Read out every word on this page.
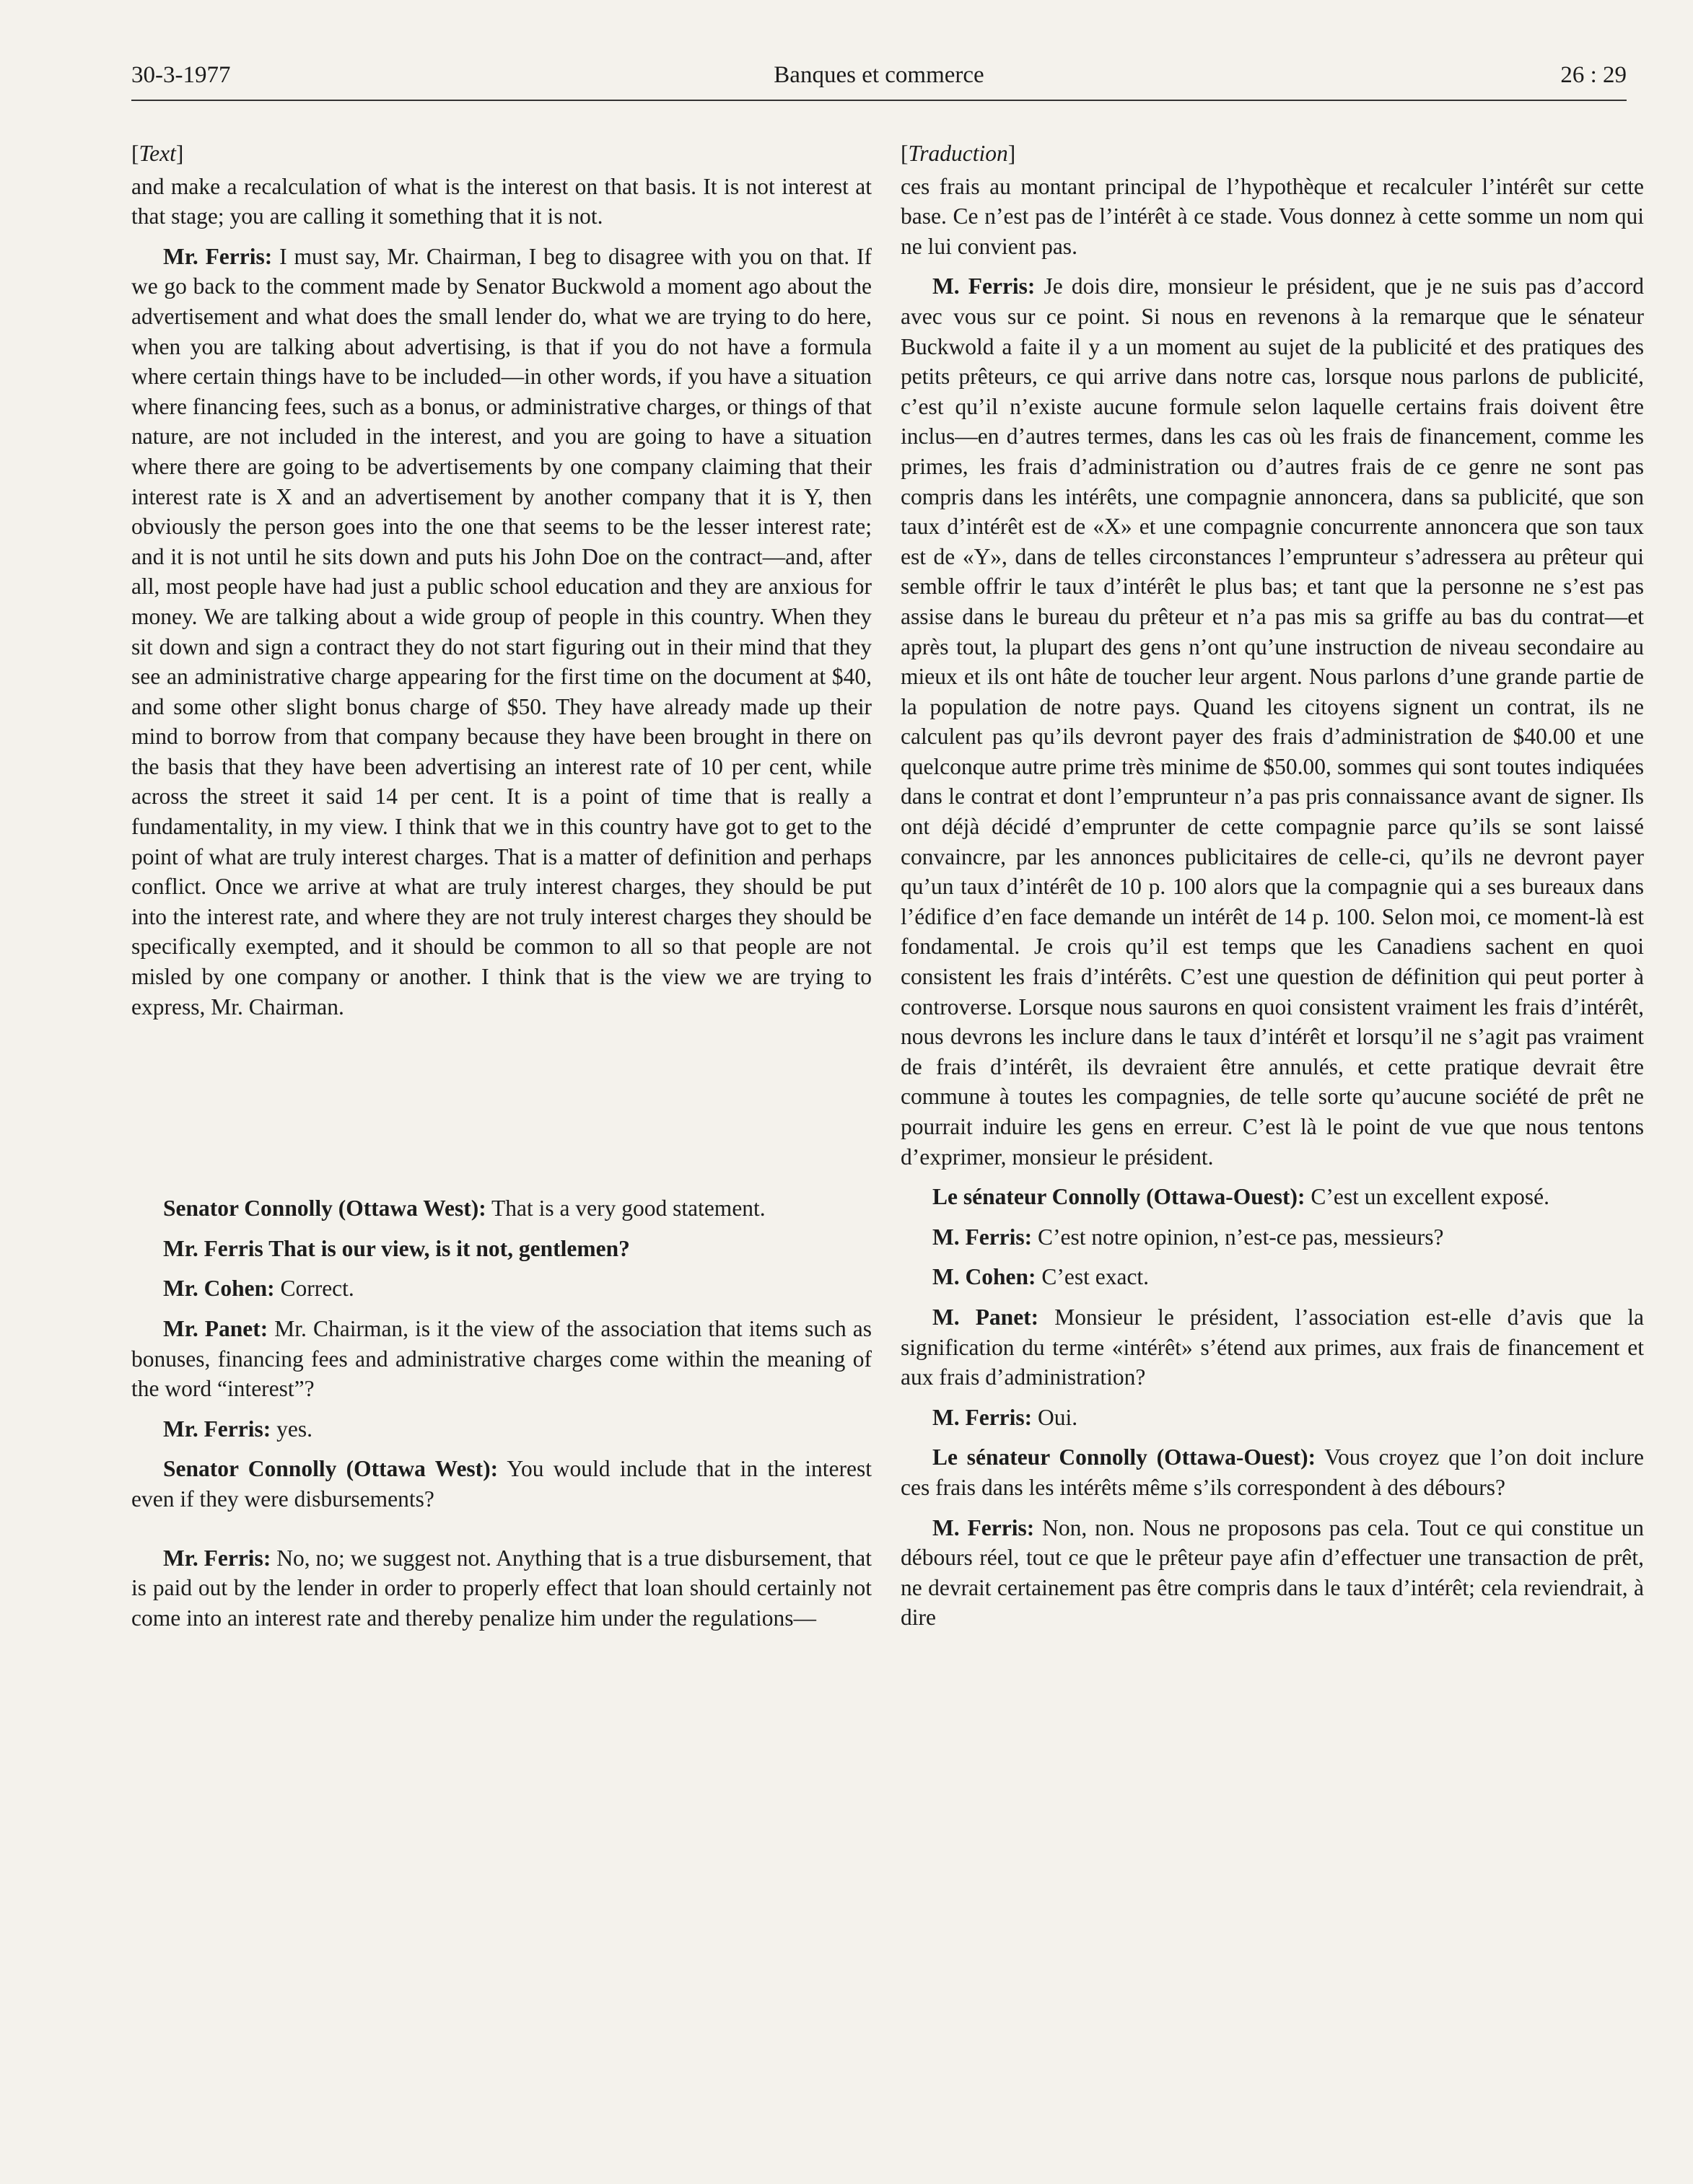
30-3-1977	Banques et commerce	26 : 29

[Text]

and make a recalculation of what is the interest on that basis. It is not interest at that stage; you are calling it something that it is not.

Mr. Ferris: I must say, Mr. Chairman, I beg to disagree with you on that. If we go back to the comment made by Senator Buckwold a moment ago about the advertisement and what does the small lender do, what we are trying to do here, when you are talking about advertising, is that if you do not have a formula where certain things have to be included—in other words, if you have a situation where financing fees, such as a bonus, or administrative charges, or things of that nature, are not included in the interest, and you are going to have a situation where there are going to be advertisements by one company claiming that their interest rate is X and an advertisement by another company that it is Y, then obviously the person goes into the one that seems to be the lesser interest rate; and it is not until he sits down and puts his John Doe on the contract—and, after all, most people have had just a public school education and they are anxious for money. We are talking about a wide group of people in this country. When they sit down and sign a contract they do not start figuring out in their mind that they see an administrative charge appearing for the first time on the document at $40, and some other slight bonus charge of $50. They have already made up their mind to borrow from that company because they have been brought in there on the basis that they have been advertising an interest rate of 10 per cent, while across the street it said 14 per cent. It is a point of time that is really a fundamentality, in my view. I think that we in this country have got to get to the point of what are truly interest charges. That is a matter of definition and perhaps conflict. Once we arrive at what are truly interest charges, they should be put into the interest rate, and where they are not truly interest charges they should be specifically exempted, and it should be common to all so that people are not misled by one company or another. I think that is the view we are trying to express, Mr. Chairman.

Senator Connolly (Ottawa West): That is a very good statement.

Mr. Ferris That is our view, is it not, gentlemen?

Mr. Cohen: Correct.

Mr. Panet: Mr. Chairman, is it the view of the association that items such as bonuses, financing fees and administrative charges come within the meaning of the word “interest”?

Mr. Ferris: yes.

Senator Connolly (Ottawa West): You would include that in the interest even if they were disbursements?

Mr. Ferris: No, no; we suggest not. Anything that is a true disbursement, that is paid out by the lender in order to properly effect that loan should certainly not come into an interest rate and thereby penalize him under the regulations—

[Traduction]

ces frais au montant principal de l’hypothèque et recalculer l’intérêt sur cette base. Ce n’est pas de l’intérêt à ce stade. Vous donnez à cette somme un nom qui ne lui convient pas.

M. Ferris: Je dois dire, monsieur le président, que je ne suis pas d’accord avec vous sur ce point. Si nous en revenons à la remarque que le sénateur Buckwold a faite il y a un moment au sujet de la publicité et des pratiques des petits prêteurs, ce qui arrive dans notre cas, lorsque nous parlons de publicité, c’est qu’il n’existe aucune formule selon laquelle certains frais doivent être inclus—en d’autres termes, dans les cas où les frais de financement, comme les primes, les frais d’administration ou d’autres frais de ce genre ne sont pas compris dans les intérêts, une compagnie annoncera, dans sa publicité, que son taux d’intérêt est de «X» et une compagnie concurrente annoncera que son taux est de «Y», dans de telles circonstances l’emprunteur s’adressera au prêteur qui semble offrir le taux d’intérêt le plus bas; et tant que la personne ne s’est pas assise dans le bureau du prêteur et n’a pas mis sa griffe au bas du contrat—et après tout, la plupart des gens n’ont qu’une instruction de niveau secondaire au mieux et ils ont hâte de toucher leur argent. Nous parlons d’une grande partie de la population de notre pays. Quand les citoyens signent un contrat, ils ne calculent pas qu’ils devront payer des frais d’administration de $40.00 et une quelconque autre prime très minime de $50.00, sommes qui sont toutes indiquées dans le contrat et dont l’emprunteur n’a pas pris connaissance avant de signer. Ils ont déjà décidé d’emprunter de cette compagnie parce qu’ils se sont laissé convaincre, par les annonces publicitaires de celle-ci, qu’ils ne devront payer qu’un taux d’intérêt de 10 p. 100 alors que la compagnie qui a ses bureaux dans l’édifice d’en face demande un intérêt de 14 p. 100. Selon moi, ce moment-là est fondamental. Je crois qu’il est temps que les Canadiens sachent en quoi consistent les frais d’intérêts. C’est une question de définition qui peut porter à controverse. Lorsque nous saurons en quoi consistent vraiment les frais d’intérêt, nous devrons les inclure dans le taux d’intérêt et lorsqu’il ne s’agit pas vraiment de frais d’intérêt, ils devraient être annulés, et cette pratique devrait être commune à toutes les compagnies, de telle sorte qu’aucune société de prêt ne pourrait induire les gens en erreur. C’est là le point de vue que nous tentons d’exprimer, monsieur le président.

Le sénateur Connolly (Ottawa-Ouest): C’est un excellent exposé.

M. Ferris: C’est notre opinion, n’est-ce pas, messieurs?

M. Cohen: C’est exact.

M. Panet: Monsieur le président, l’association est-elle d’avis que la signification du terme «intérêt» s’étend aux primes, aux frais de financement et aux frais d’administration?

M. Ferris: Oui.

Le sénateur Connolly (Ottawa-Ouest): Vous croyez que l’on doit inclure ces frais dans les intérêts même s’ils correspondent à des débours?

M. Ferris: Non, non. Nous ne proposons pas cela. Tout ce qui constitue un débours réel, tout ce que le prêteur paye afin d’effectuer une transaction de prêt, ne devrait certainement pas être compris dans le taux d’intérêt; cela reviendrait, à dire
